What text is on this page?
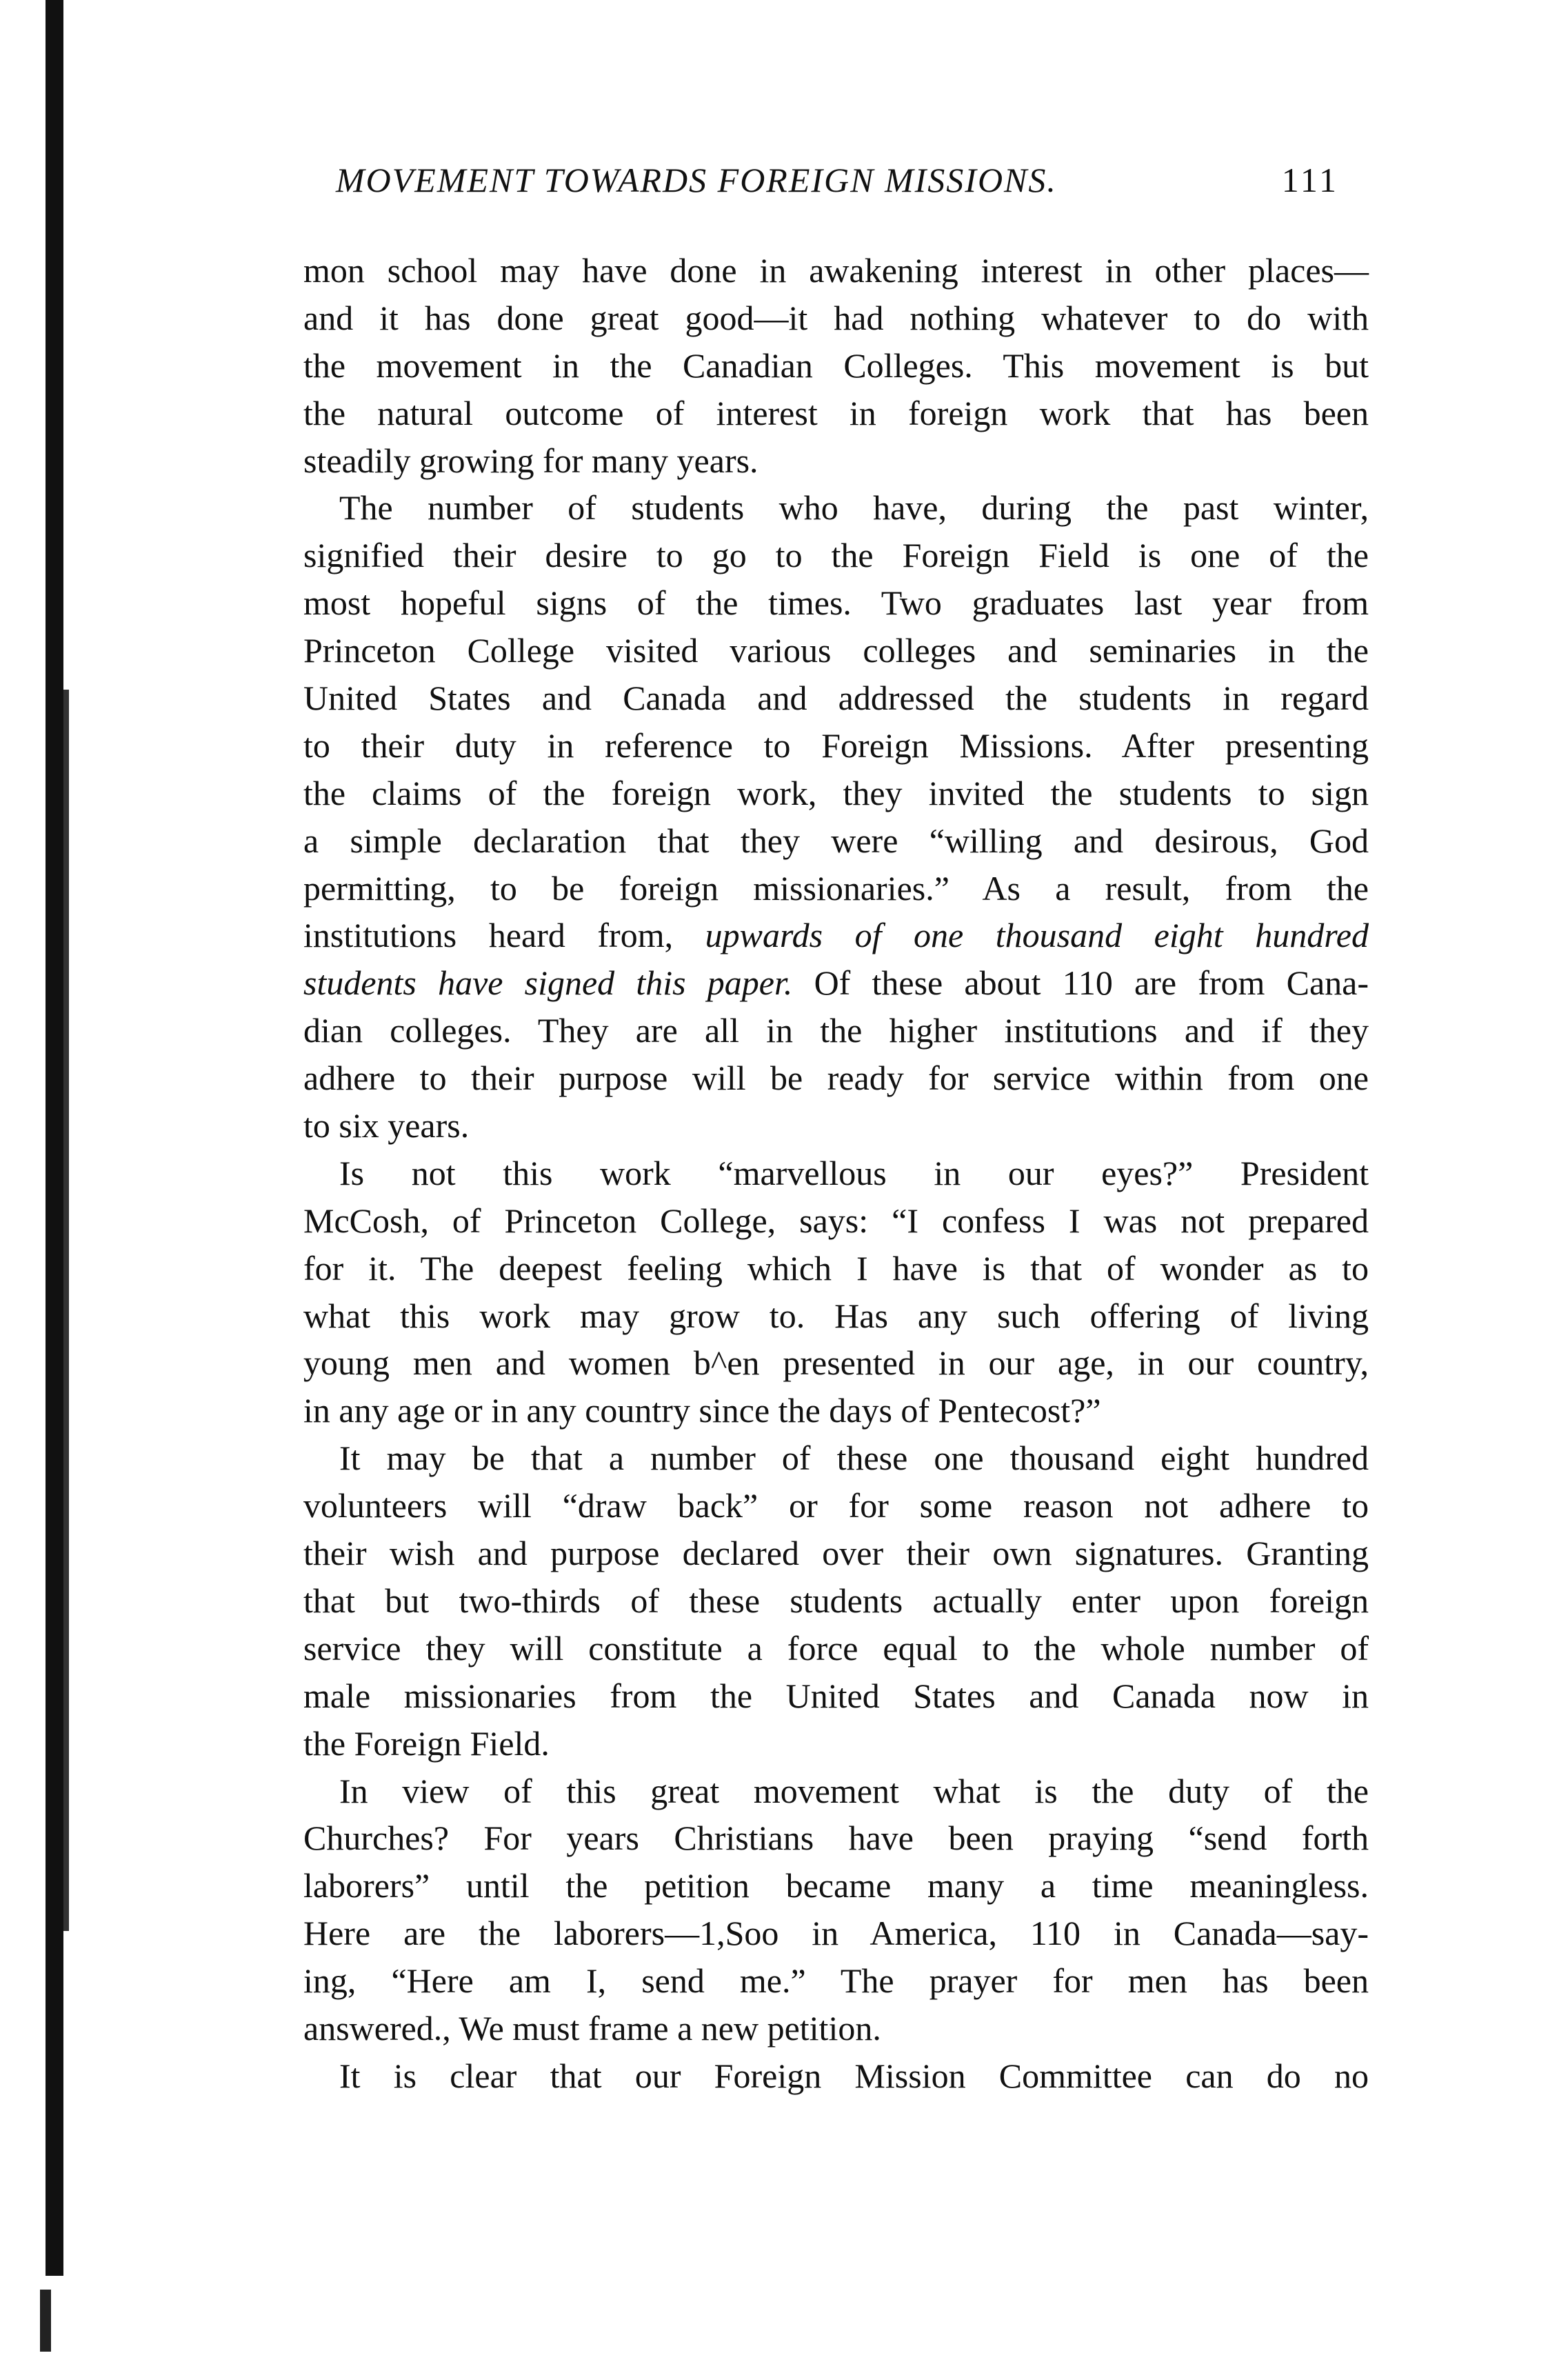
MOVEMENT TOWARDS FOREIGN MISSIONS.	111
mon school may have done in awakening interest in other places—
and it has done great good—it had nothing whatever to do with
the movement in the Canadian Colleges. This movement is but
the natural outcome of interest in foreign work that has been
steadily growing for many years.
The number of students who have, during the past winter,
signified their desire to go to the Foreign Field is one of the
most hopeful signs of the times. Two graduates last year from
Princeton College visited various colleges and seminaries in the
United States and Canada and addressed the students in regard
to their duty in reference to Foreign Missions. After presenting
the claims of the foreign work, they invited the students to sign
a simple declaration that they were “willing and desirous, God
permitting, to be foreign missionaries.” As a result, from the
institutions heard from, upwards of one thousand eight hundred
students have signed this paper. Of these about 110 are from Cana-
dian colleges. They are all in the higher institutions and if they
adhere to their purpose will be ready for service within from one
to six years.
Is not this work “marvellous in our eyes?” President
McCosh, of Princeton College, says: “I confess I was not prepared
for it. The deepest feeling which I have is that of wonder as to
what this work may grow to. Has any such offering of living
young men and women b^en presented in our age, in our country,
in any age or in any country since the days of Pentecost?”
It may be that a number of these one thousand eight hundred
volunteers will “draw back” or for some reason not adhere to
their wish and purpose declared over their own signatures. Granting
that but two-thirds of these students actually enter upon foreign
service they will constitute a force equal to the whole number of
male missionaries from the United States and Canada now in
the Foreign Field.
In view of this great movement what is the duty of the
Churches? For years Christians have been praying “send forth
laborers” until the petition became many a time meaningless.
Here are the laborers—1,Soo in America, 110 in Canada—say-
ing, “Here am I, send me.” The prayer for men has been
answered., We must frame a new petition.
It is clear that our Foreign Mission Committee can do no
